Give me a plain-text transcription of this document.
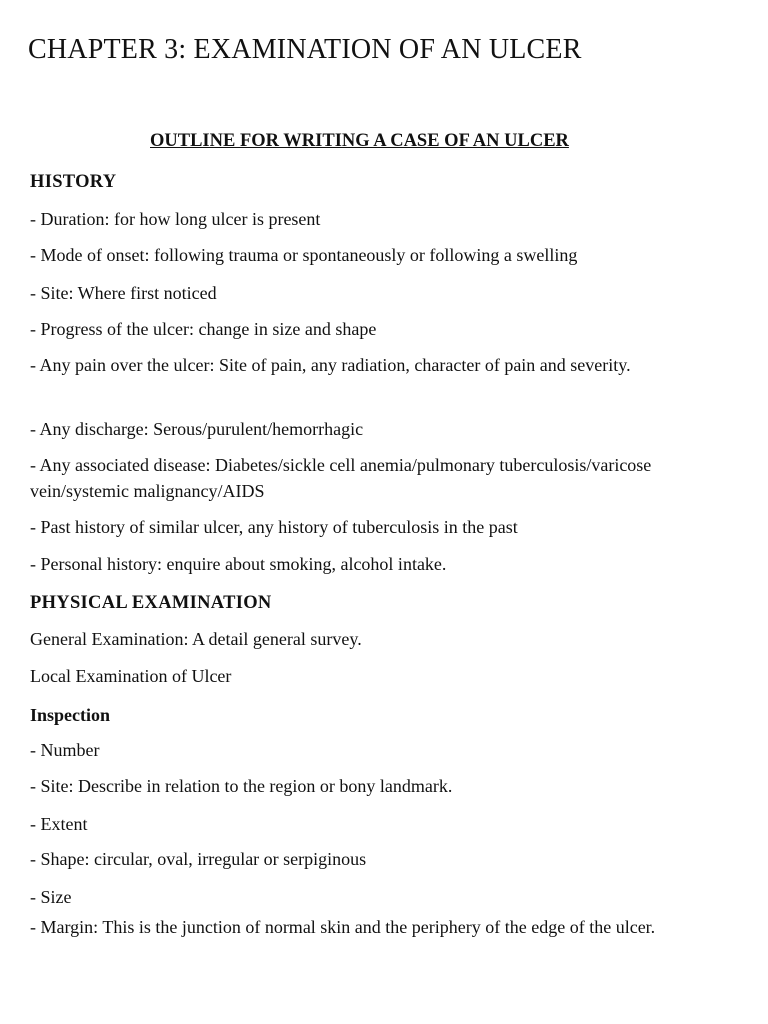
CHAPTER 3: EXAMINATION OF AN ULCER
OUTLINE FOR WRITING A CASE OF AN ULCER
HISTORY
- Duration: for how long ulcer is present
- Mode of onset: following trauma or spontaneously or following a swelling
- Site: Where first noticed
- Progress of the ulcer: change in size and shape
- Any pain over the ulcer: Site of pain, any radiation, character of pain and severity.
- Any discharge: Serous/purulent/hemorrhagic
- Any associated disease: Diabetes/sickle cell anemia/pulmonary tuberculosis/varicose vein/systemic malignancy/AIDS
- Past history of similar ulcer, any history of tuberculosis in the past
- Personal history: enquire about smoking, alcohol intake.
PHYSICAL EXAMINATION
General Examination: A detail general survey.
Local Examination of Ulcer
Inspection
- Number
- Site: Describe in relation to the region or bony landmark.
- Extent
- Shape: circular, oval, irregular or serpiginous
- Size
- Margin: This is the junction of normal skin and the periphery of the edge of the ulcer.
